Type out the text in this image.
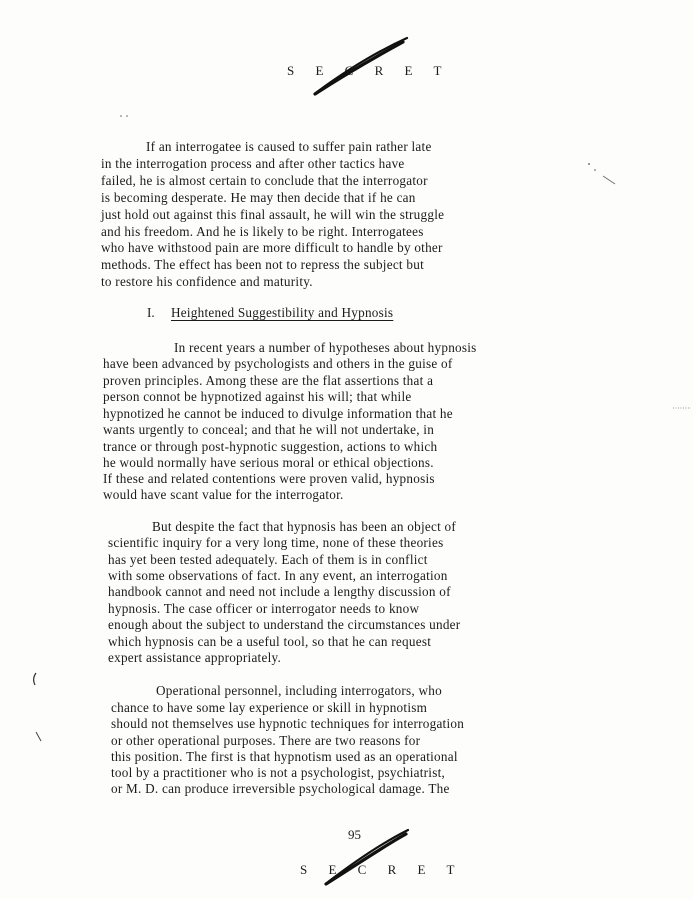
S E C R E T
If an interrogatee is caused to suffer pain rather late
in the interrogation process and after other tactics have
failed, he is almost certain to conclude that the interrogator
is becoming desperate. He may then decide that if he can
just hold out against this final assault, he will win the struggle
and his freedom. And he is likely to be right. Interrogatees
who have withstood pain are more difficult to handle by other
methods. The effect has been not to repress the subject but
to restore his confidence and maturity.
I. Heightened Suggestibility and Hypnosis
In recent years a number of hypotheses about hypnosis
have been advanced by psychologists and others in the guise of
proven principles. Among these are the flat assertions that a
person connot be hypnotized against his will; that while
hypnotized he cannot be induced to divulge information that he
wants urgently to conceal; and that he will not undertake, in
trance or through post-hypnotic suggestion, actions to which
he would normally have serious moral or ethical objections.
If these and related contentions were proven valid, hypnosis
would have scant value for the interrogator.
But despite the fact that hypnosis has been an object of
scientific inquiry for a very long time, none of these theories
has yet been tested adequately. Each of them is in conflict
with some observations of fact. In any event, an interrogation
handbook cannot and need not include a lengthy discussion of
hypnosis. The case officer or interrogator needs to know
enough about the subject to understand the circumstances under
which hypnosis can be a useful tool, so that he can request
expert assistance appropriately.
Operational personnel, including interrogators, who
chance to have some lay experience or skill in hypnotism
should not themselves use hypnotic techniques for interrogation
or other operational purposes. There are two reasons for
this position. The first is that hypnotism used as an operational
tool by a practitioner who is not a psychologist, psychiatrist,
or M. D. can produce irreversible psychological damage. The
95
S E C R E T
